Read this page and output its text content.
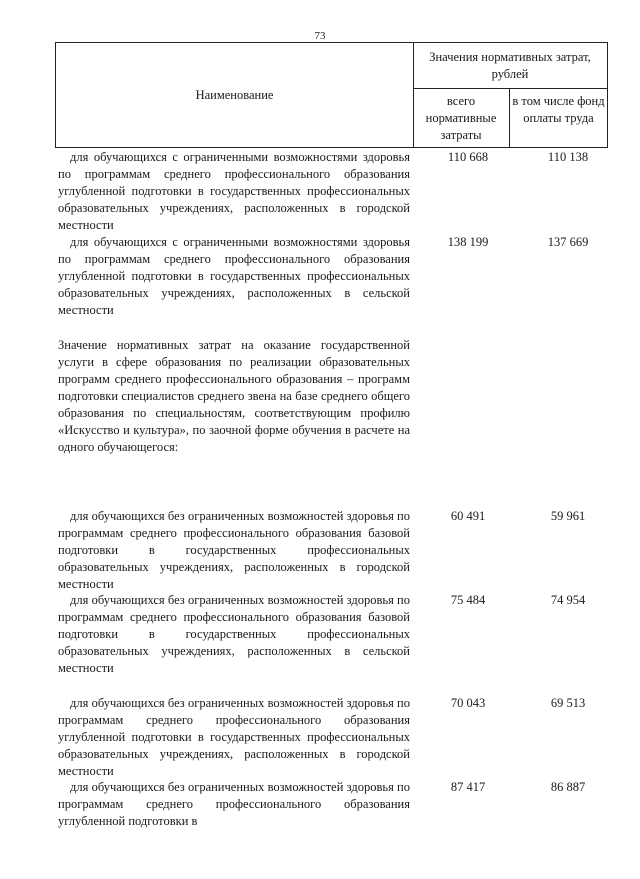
73
Наименование
Значения нормативных затрат, рублей
всего нормативные затраты
в том числе фонд оплаты труда
для обучающихся с ограниченными возможностями здоровья по программам среднего профессионального образования углубленной подготовки в государственных профессиональных образовательных учреждениях, расположенных в городской местности
110 668	110 138
для обучающихся с ограниченными возможностями здоровья по программам среднего профессионального образования углубленной подготовки в государственных профессиональных образовательных учреждениях, расположенных в сельской местности
138 199	137 669
Значение нормативных затрат на оказание государственной услуги в сфере образования по реализации образовательных программ среднего профессионального образования – программ подготовки специалистов среднего звена на базе среднего общего образования по специальностям, соответствующим профилю «Искусство и культура», по заочной форме обучения в расчете на одного обучающегося:
для обучающихся без ограниченных возможностей здоровья по программам среднего профессионального образования базовой подготовки в государственных профессиональных образовательных учреждениях, расположенных в городской местности
60 491	59 961
для обучающихся без ограниченных возможностей здоровья по программам среднего профессионального образования базовой подготовки в государственных профессиональных образовательных учреждениях, расположенных в сельской местности
75 484	74 954
для обучающихся без ограниченных возможностей здоровья по программам среднего профессионального образования углубленной подготовки в государственных профессиональных образовательных учреждениях, расположенных в городской местности
70 043	69 513
для обучающихся без ограниченных возможностей здоровья по программам среднего профессионального образования углубленной подготовки в
87 417	86 887
